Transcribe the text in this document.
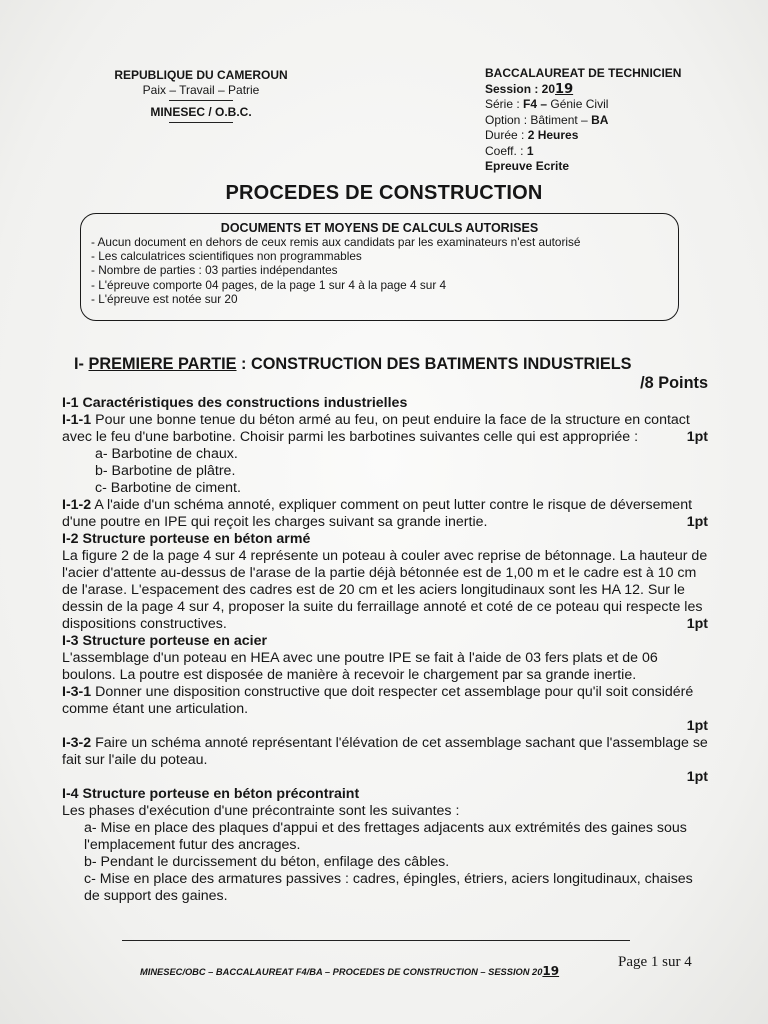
REPUBLIQUE DU CAMEROUN
Paix – Travail – Patrie
MINESEC / O.B.C.
BACCALAUREAT DE TECHNICIEN
Session : 2019
Série : F4 – Génie Civil
Option : Bâtiment – BA
Durée : 2 Heures
Coeff. : 1
Epreuve Ecrite
PROCEDES DE CONSTRUCTION
DOCUMENTS ET MOYENS DE CALCULS AUTORISES
- Aucun document en dehors de ceux remis aux candidats par les examinateurs n'est autorisé
- Les calculatrices scientifiques non programmables
- Nombre de parties : 03 parties indépendantes
- L'épreuve comporte 04 pages, de la page 1 sur 4 à la page 4 sur 4
- L'épreuve est notée sur 20
I- PREMIERE PARTIE : CONSTRUCTION DES BATIMENTS INDUSTRIELS
/8 Points
I-1 Caractéristiques des constructions industrielles
I-1-1 Pour une bonne tenue du béton armé au feu, on peut enduire la face de la structure en contact avec le feu d'une barbotine. Choisir parmi les barbotines suivantes celle qui est appropriée :	1pt
a- Barbotine de chaux.
b- Barbotine de plâtre.
c- Barbotine de ciment.
I-1-2 A l'aide d'un schéma annoté, expliquer comment on peut lutter contre le risque de déversement d'une poutre en IPE qui reçoit les charges suivant sa grande inertie.	1pt
I-2 Structure porteuse en béton armé
La figure 2 de la page 4 sur 4 représente un poteau à couler avec reprise de bétonnage. La hauteur de l'acier d'attente au-dessus de l'arase de la partie déjà bétonnée est de 1,00 m et le cadre est à 10 cm de l'arase. L'espacement des cadres est de 20 cm et les aciers longitudinaux sont les HA 12. Sur le dessin de la page 4 sur 4, proposer la suite du ferraillage annoté et coté de ce poteau qui respecte les dispositions constructives.	1pt
I-3 Structure porteuse en acier
L'assemblage d'un poteau en HEA avec une poutre IPE se fait à l'aide de 03 fers plats et de 06 boulons. La poutre est disposée de manière à recevoir le chargement par sa grande inertie.
I-3-1 Donner une disposition constructive que doit respecter cet assemblage pour qu'il soit considéré comme étant une articulation.
1pt
I-3-2 Faire un schéma annoté représentant l'élévation de cet assemblage sachant que l'assemblage se fait sur l'aile du poteau.
1pt
I-4 Structure porteuse en béton précontraint
Les phases d'exécution d'une précontrainte sont les suivantes :
a- Mise en place des plaques d'appui et des frettages adjacents aux extrémités des gaines sous l'emplacement futur des ancrages.
b- Pendant le durcissement du béton, enfilage des câbles.
c- Mise en place des armatures passives : cadres, épingles, étriers, aciers longitudinaux, chaises de support des gaines.
MINESEC/OBC – BACCALAUREAT F4/BA – PROCEDES DE CONSTRUCTION – SESSION 2019
Page 1 sur 4
